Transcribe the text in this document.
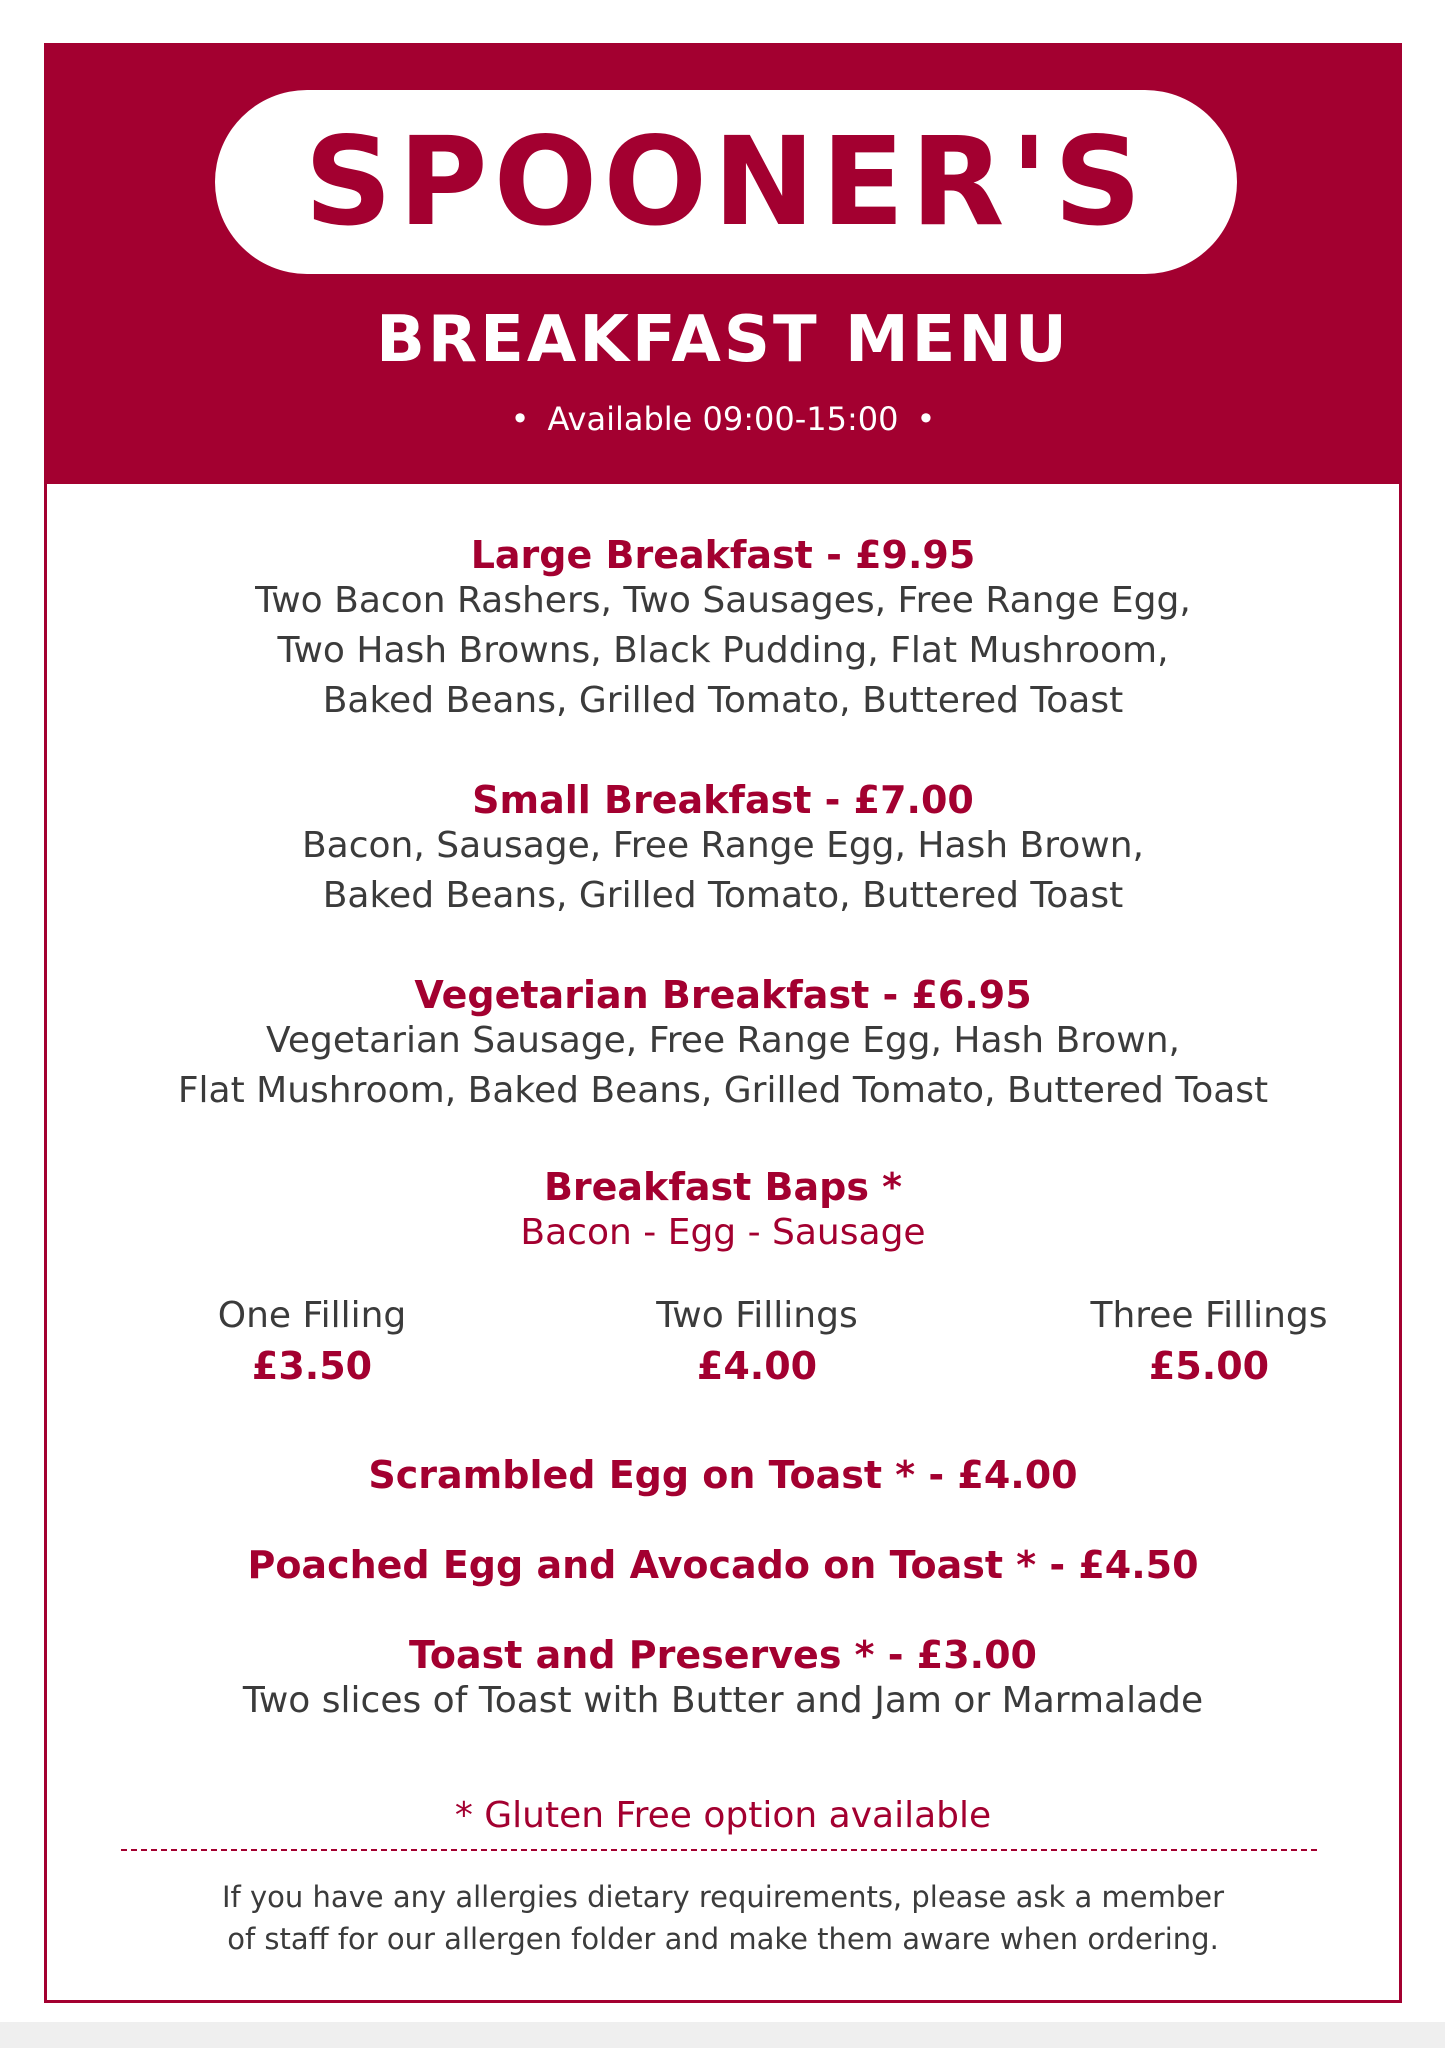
SPOONER'S
BREAKFAST MENU
• Available 09:00-15:00 •
Large Breakfast - £9.95
Two Bacon Rashers, Two Sausages, Free Range Egg,
Two Hash Browns, Black Pudding, Flat Mushroom,
Baked Beans, Grilled Tomato, Buttered Toast
Small Breakfast - £7.00
Bacon, Sausage, Free Range Egg, Hash Brown,
Baked Beans, Grilled Tomato, Buttered Toast
Vegetarian Breakfast - £6.95
Vegetarian Sausage, Free Range Egg, Hash Brown,
Flat Mushroom, Baked Beans, Grilled Tomato, Buttered Toast
Breakfast Baps *
Bacon - Egg - Sausage
One Filling
£3.50
Two Fillings
£4.00
Three Fillings
£5.00
Scrambled Egg on Toast * - £4.00
Poached Egg and Avocado on Toast * - £4.50
Toast and Preserves * - £3.00
Two slices of Toast with Butter and Jam or Marmalade
* Gluten Free option available
If you have any allergies dietary requirements, please ask a member
of staff for our allergen folder and make them aware when ordering.
